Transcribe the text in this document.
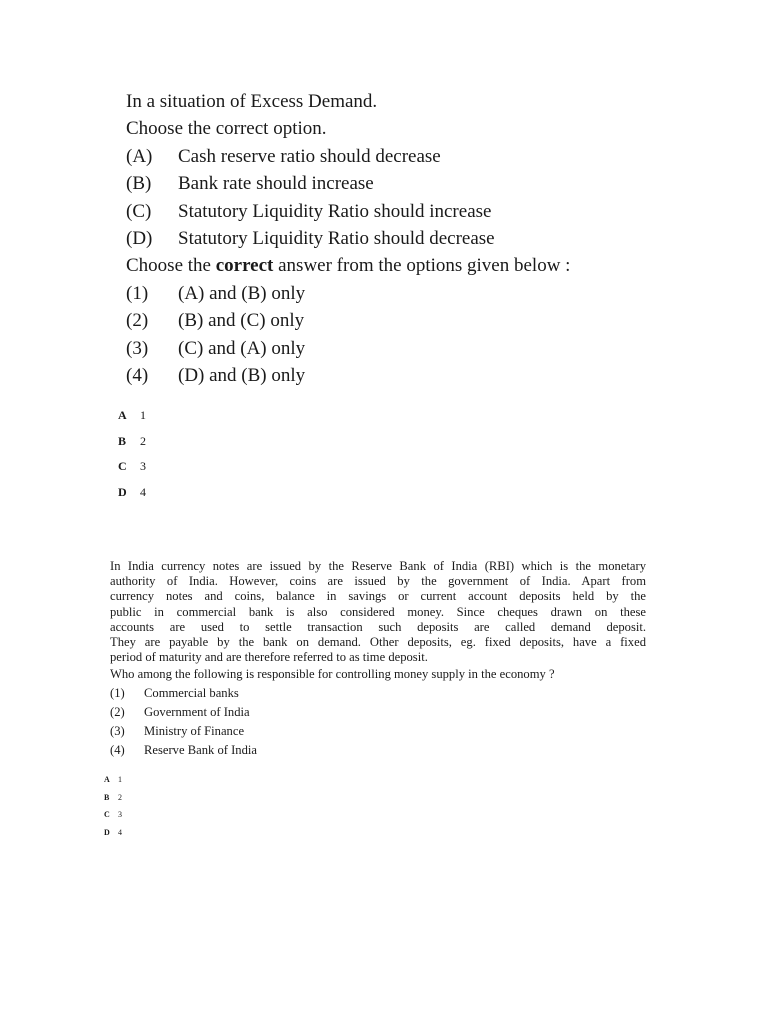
In a situation of Excess Demand.
Choose the correct option.
(A)	Cash reserve ratio should decrease
(B)	Bank rate should increase
(C)	Statutory Liquidity Ratio should increase
(D)	Statutory Liquidity Ratio should decrease
Choose the correct answer from the options given below :
(1)	(A) and (B) only
(2)	(B) and (C) only
(3)	(C) and (A) only
(4)	(D) and (B) only
A	1
B	2
C	3
D	4

In India currency notes are issued by the Reserve Bank of India (RBI) which is the monetary
authority of India. However, coins are issued by the government of India. Apart from
currency notes and coins, balance in savings or current account deposits held by the
public in commercial bank is also considered money. Since cheques drawn on these
accounts are used to settle transaction such deposits are called demand deposit.
They are payable by the bank on demand. Other deposits, eg. fixed deposits, have a fixed
period of maturity and are therefore referred to as time deposit.

Who among the following is responsible for controlling money supply in the economy ?
(1)	Commercial banks
(2)	Government of India
(3)	Ministry of Finance
(4)	Reserve Bank of India
A	1
B	2
C	3
D	4
